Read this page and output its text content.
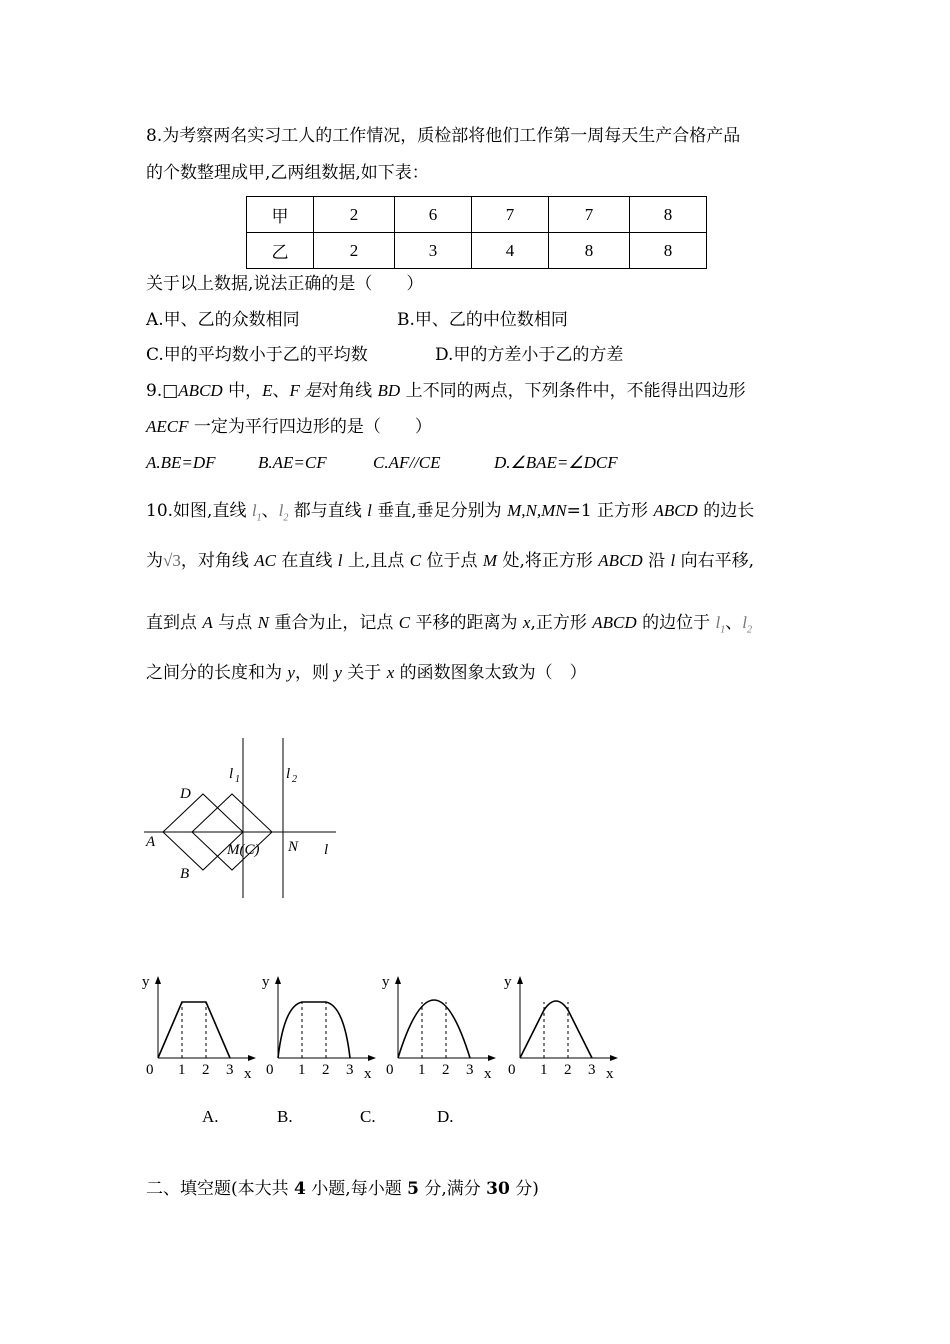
8.为考察两名实习工人的工作情况，质检部将他们工作第一周每天生产合格产品
的个数整理成甲,乙两组数据,如下表：
甲	2	6	7	7	8
乙	2	3	4	8	8
关于以上数据,说法正确的是（　　）
A.甲、乙的众数相同	B.甲、乙的中位数相同
C.甲的平均数小于乙的平均数	D.甲的方差小于乙的方差
9.□ABCD 中，E、F 是对角线 BD 上不同的两点，下列条件中，不能得出四边形
AECF 一定为平行四边形的是（　　）
A.BE=DF B.AE=CF	C.AF//CE	D.∠BAE=∠DCF
10.如图,直线 $l_1$、$l_2$ 都与直线 l 垂直,垂足分别为 M,N,MN=1 正方形 ABCD 的边长
为√3，对角线 AC 在直线 l 上,且点 C 位于点 M 处,将正方形 ABCD 沿 l 向右平移,
直到点 A 与点 N 重合为止，记点 C 平移的距离为 x,正方形 ABCD 的边位于 $l_1$、$l_2$
之间分的长度和为 y，则 y 关于 x 的函数图象太致为（　）
D
A
B
M(C) N l
l 1	l 2
y
x
0 1 2 3
y
x
0 1 2 3
y
x
0 1 2 3
y
x
0 1 2 3
A.	B.	C.	D.
二、填空题(本大共 4 小题,每小题 5 分,满分 30 分)
